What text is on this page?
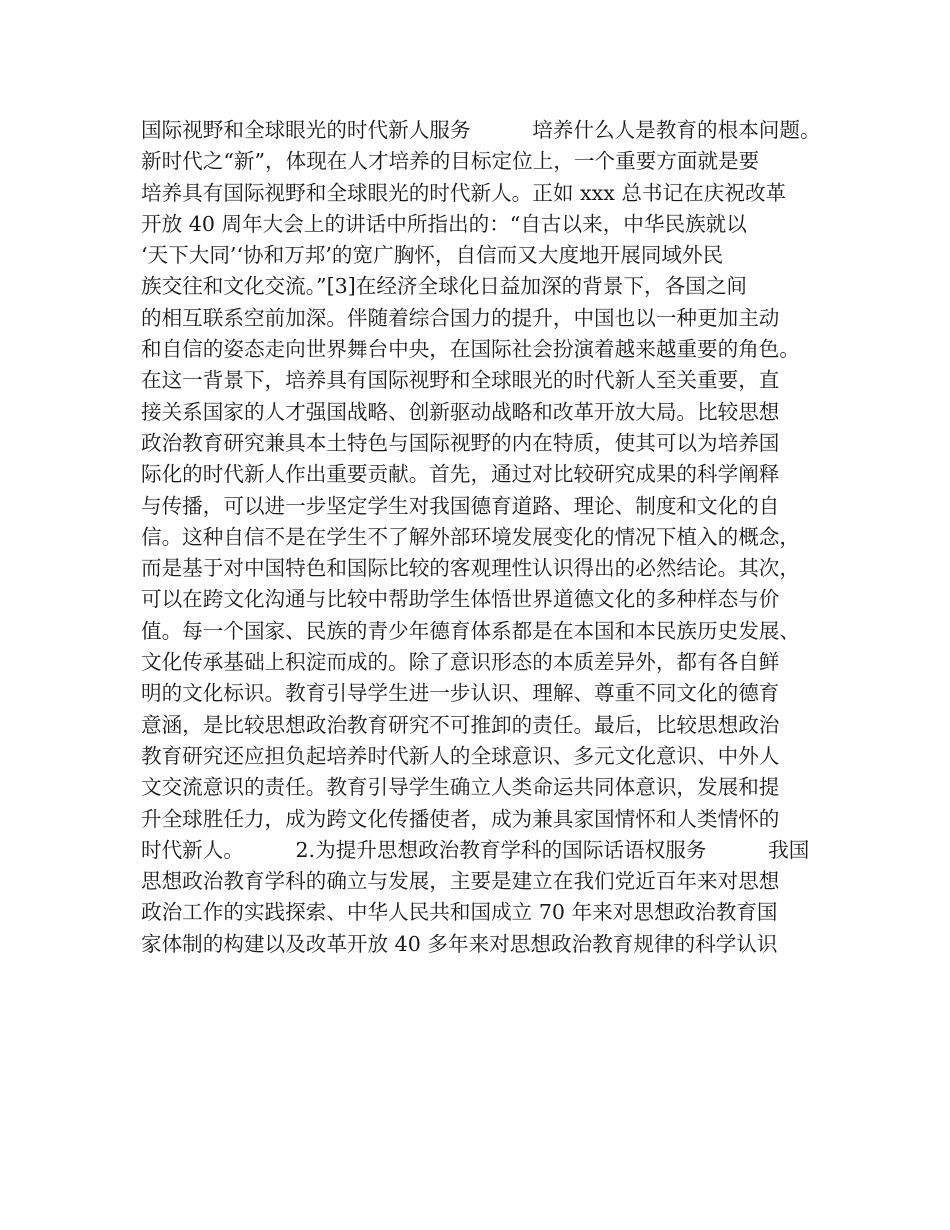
国际视野和全球眼光的时代新人服务　　　培养什么人是教育的根本问题。
新时代之“新”，体现在人才培养的目标定位上，一个重要方面就是要
培养具有国际视野和全球眼光的时代新人。正如 xxx 总书记在庆祝改革
开放 40 周年大会上的讲话中所指出的：“自古以来，中华民族就以
‘天下大同’‘协和万邦’的宽广胸怀，自信而又大度地开展同域外民
族交往和文化交流。”[3]在经济全球化日益加深的背景下，各国之间
的相互联系空前加深。伴随着综合国力的提升，中国也以一种更加主动
和自信的姿态走向世界舞台中央，在国际社会扮演着越来越重要的角色。
在这一背景下，培养具有国际视野和全球眼光的时代新人至关重要，直
接关系国家的人才强国战略、创新驱动战略和改革开放大局。比较思想
政治教育研究兼具本土特色与国际视野的内在特质，使其可以为培养国
际化的时代新人作出重要贡献。首先，通过对比较研究成果的科学阐释
与传播，可以进一步坚定学生对我国德育道路、理论、制度和文化的自
信。这种自信不是在学生不了解外部环境发展变化的情况下植入的概念，
而是基于对中国特色和国际比较的客观理性认识得出的必然结论。其次，
可以在跨文化沟通与比较中帮助学生体悟世界道德文化的多种样态与价
值。每一个国家、民族的青少年德育体系都是在本国和本民族历史发展、
文化传承基础上积淀而成的。除了意识形态的本质差异外，都有各自鲜
明的文化标识。教育引导学生进一步认识、理解、尊重不同文化的德育
意涵，是比较思想政治教育研究不可推卸的责任。最后，比较思想政治
教育研究还应担负起培养时代新人的全球意识、多元文化意识、中外人
文交流意识的责任。教育引导学生确立人类命运共同体意识，发展和提
升全球胜任力，成为跨文化传播使者，成为兼具家国情怀和人类情怀的
时代新人。　　　2.为提升思想政治教育学科的国际话语权服务　　　我国
思想政治教育学科的确立与发展，主要是建立在我们党近百年来对思想
政治工作的实践探索、中华人民共和国成立 70 年来对思想政治教育国
家体制的构建以及改革开放 40 多年来对思想政治教育规律的科学认识
